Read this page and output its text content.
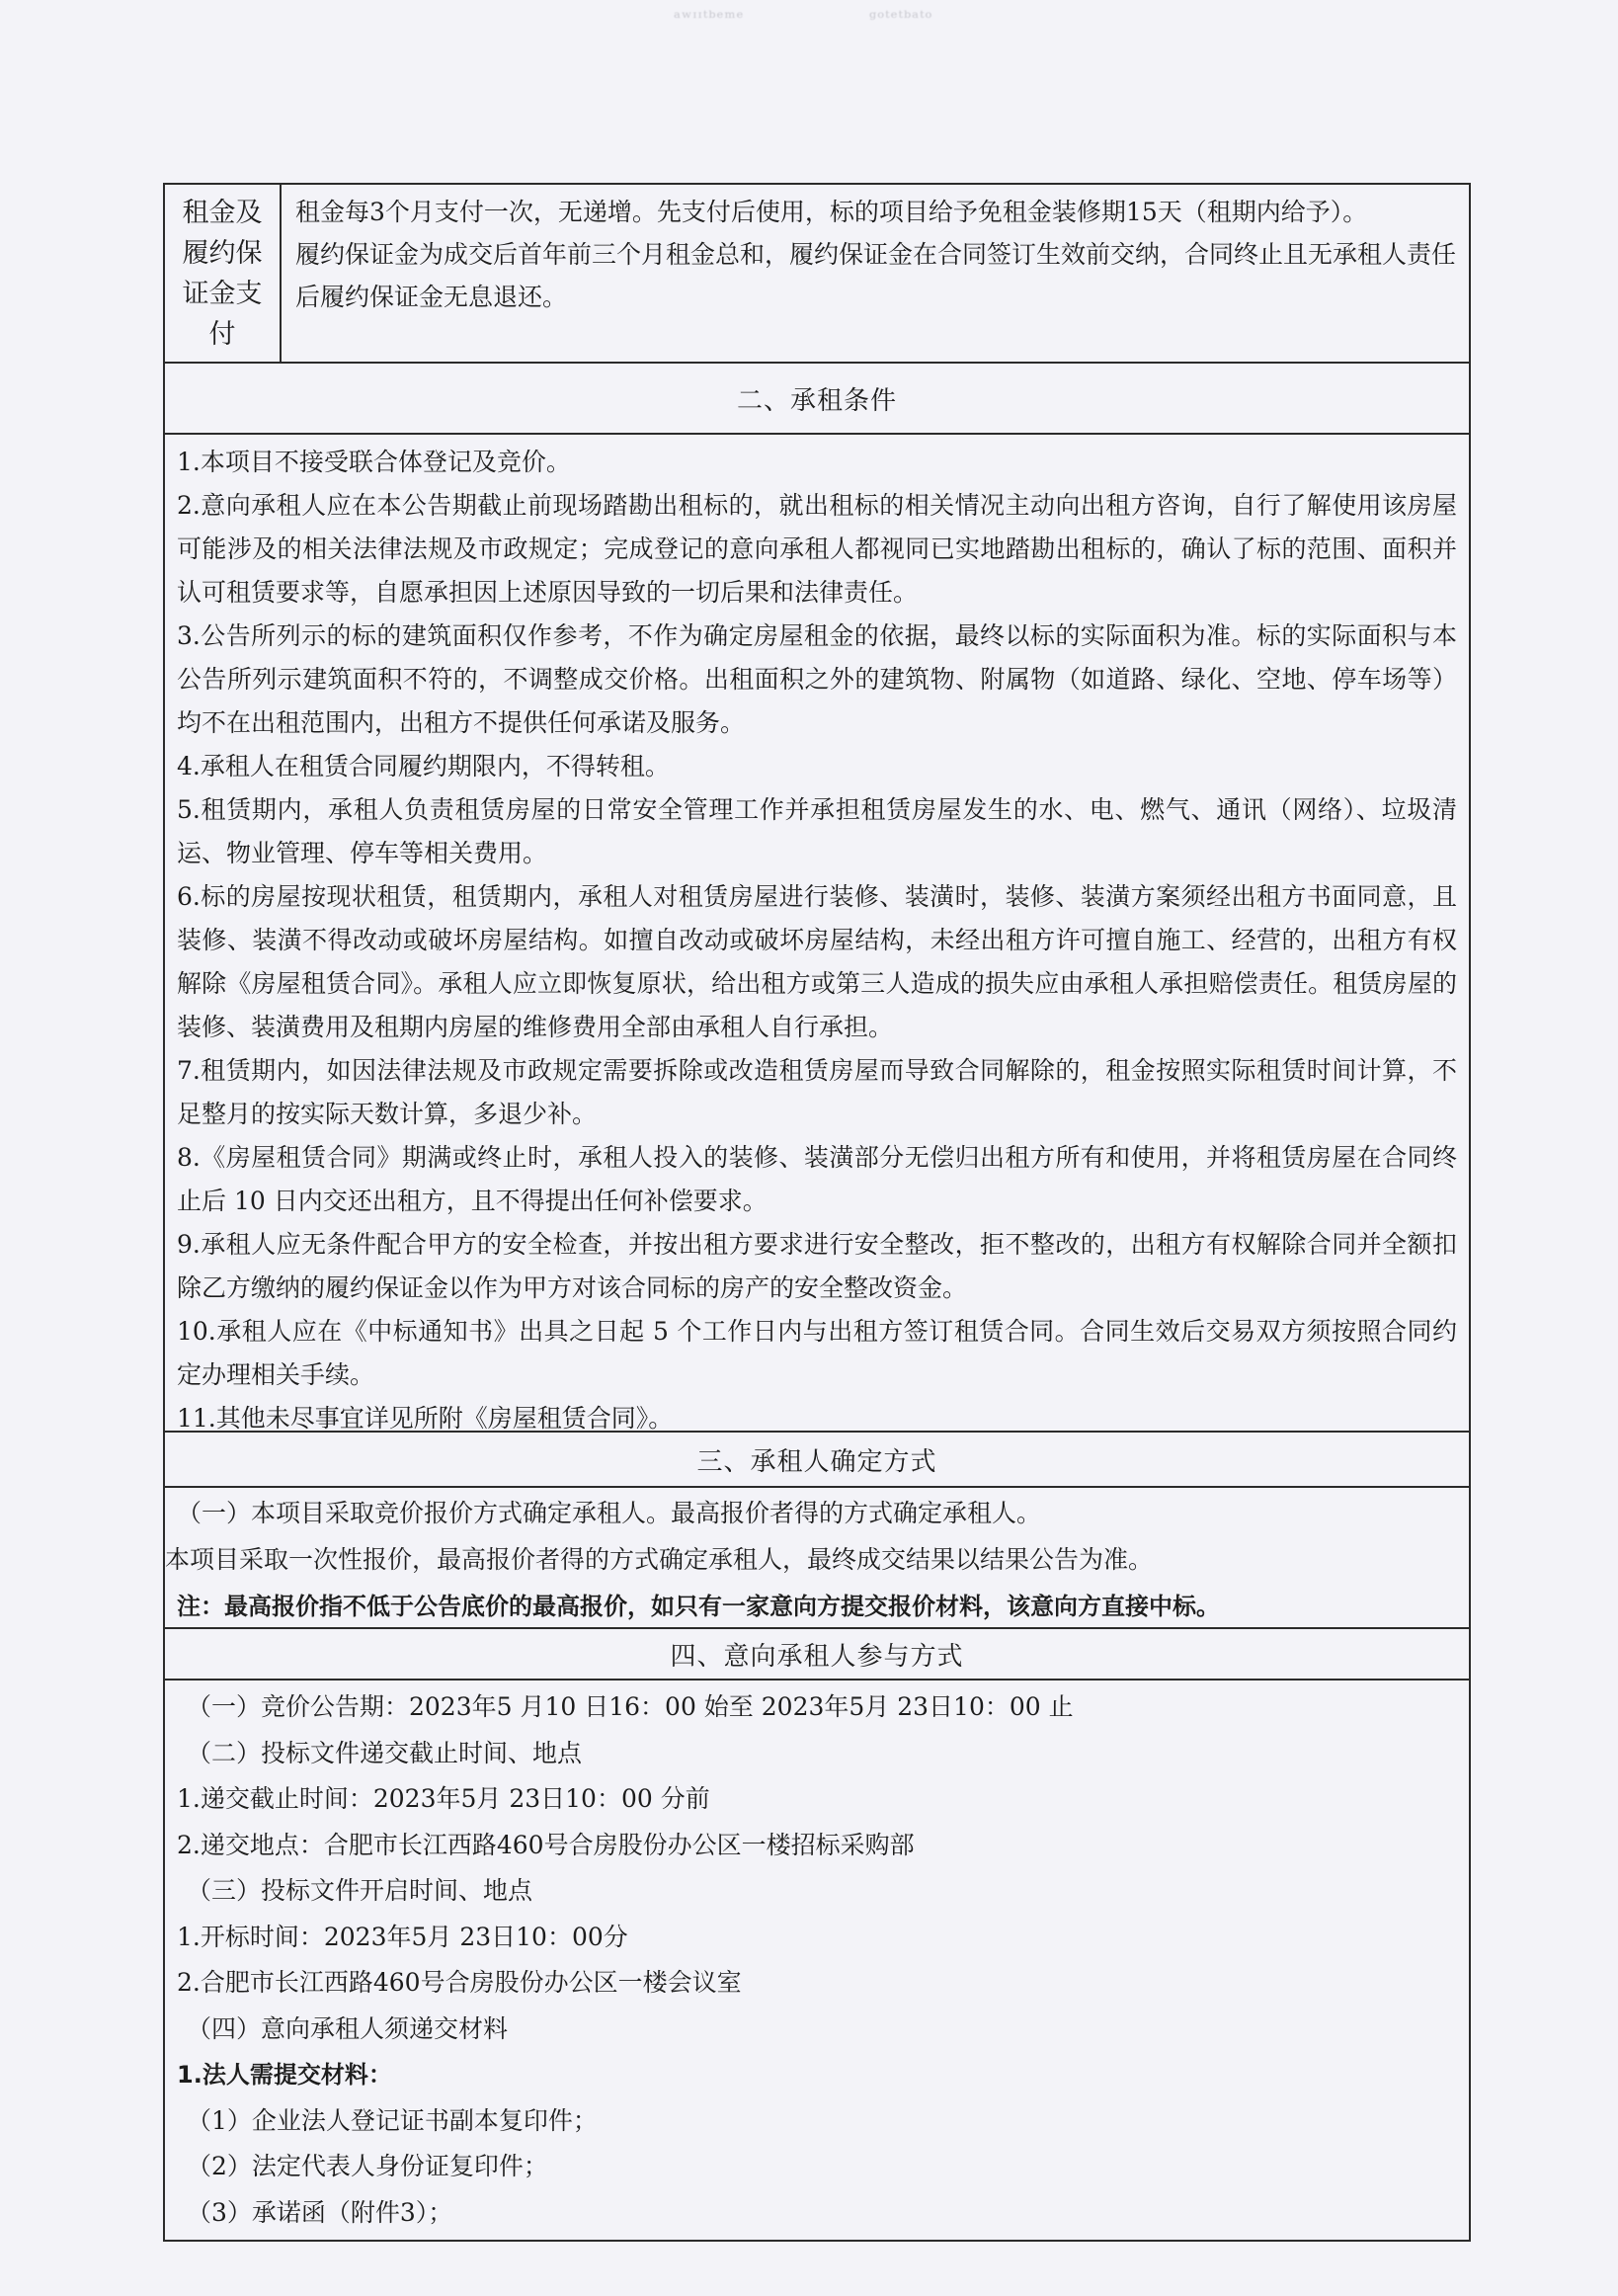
ᵃʷᶦᶦᵗᵇᵉᵐᵉ	ᵍᵒᵗᵉᵗᵇᵃᵗᵒ
租金及履约保证金支付

租金每3个月支付一次，无递增。先支付后使用，标的项目给予免租金装修期15天（租期内给予）。

履约保证金为成交后首年前三个月租金总和，履约保证金在合同签订生效前交纳，合同终止且无承租人责任后履约保证金无息退还。

二、承租条件

1.本项目不接受联合体登记及竞价。

2.意向承租人应在本公告期截止前现场踏勘出租标的，就出租标的相关情况主动向出租方咨询，自行了解使用该房屋可能涉及的相关法律法规及市政规定；完成登记的意向承租人都视同已实地踏勘出租标的，确认了标的范围、面积并认可租赁要求等，自愿承担因上述原因导致的一切后果和法律责任。

3.公告所列示的标的建筑面积仅作参考，不作为确定房屋租金的依据，最终以标的实际面积为准。标的实际面积与本公告所列示建筑面积不符的，不调整成交价格。出租面积之外的建筑物、附属物（如道路、绿化、空地、停车场等）均不在出租范围内，出租方不提供任何承诺及服务。

4.承租人在租赁合同履约期限内，不得转租。

5.租赁期内，承租人负责租赁房屋的日常安全管理工作并承担租赁房屋发生的水、电、燃气、通讯（网络）、垃圾清运、物业管理、停车等相关费用。

6.标的房屋按现状租赁，租赁期内，承租人对租赁房屋进行装修、装潢时，装修、装潢方案须经出租方书面同意，且装修、装潢不得改动或破坏房屋结构。如擅自改动或破坏房屋结构，未经出租方许可擅自施工、经营的，出租方有权解除《房屋租赁合同》。承租人应立即恢复原状，给出租方或第三人造成的损失应由承租人承担赔偿责任。租赁房屋的装修、装潢费用及租期内房屋的维修费用全部由承租人自行承担。

7.租赁期内，如因法律法规及市政规定需要拆除或改造租赁房屋而导致合同解除的，租金按照实际租赁时间计算，不足整月的按实际天数计算，多退少补。

8.《房屋租赁合同》期满或终止时，承租人投入的装修、装潢部分无偿归出租方所有和使用，并将租赁房屋在合同终止后 10 日内交还出租方，且不得提出任何补偿要求。

9.承租人应无条件配合甲方的安全检查，并按出租方要求进行安全整改，拒不整改的，出租方有权解除合同并全额扣除乙方缴纳的履约保证金以作为甲方对该合同标的房产的安全整改资金。

10.承租人应在《中标通知书》出具之日起 5 个工作日内与出租方签订租赁合同。合同生效后交易双方须按照合同约定办理相关手续。

11.其他未尽事宜详见所附《房屋租赁合同》。

三、承租人确定方式

（一）本项目采取竞价报价方式确定承租人。最高报价者得的方式确定承租人。

本项目采取一次性报价，最高报价者得的方式确定承租人，最终成交结果以结果公告为准。

注：最高报价指不低于公告底价的最高报价，如只有一家意向方提交报价材料，该意向方直接中标。

四、意向承租人参与方式

（一）竞价公告期：2023年5 月10 日16：00 始至 2023年5月 23日10：00 止

（二）投标文件递交截止时间、地点

1.递交截止时间：2023年5月 23日10：00 分前

2.递交地点：合肥市长江西路460号合房股份办公区一楼招标采购部

（三）投标文件开启时间、地点

1.开标时间：2023年5月 23日10：00分

2.合肥市长江西路460号合房股份办公区一楼会议室

（四）意向承租人须递交材料

1.法人需提交材料：

（1）企业法人登记证书副本复印件；

（2）法定代表人身份证复印件；

（3）承诺函（附件3）；
